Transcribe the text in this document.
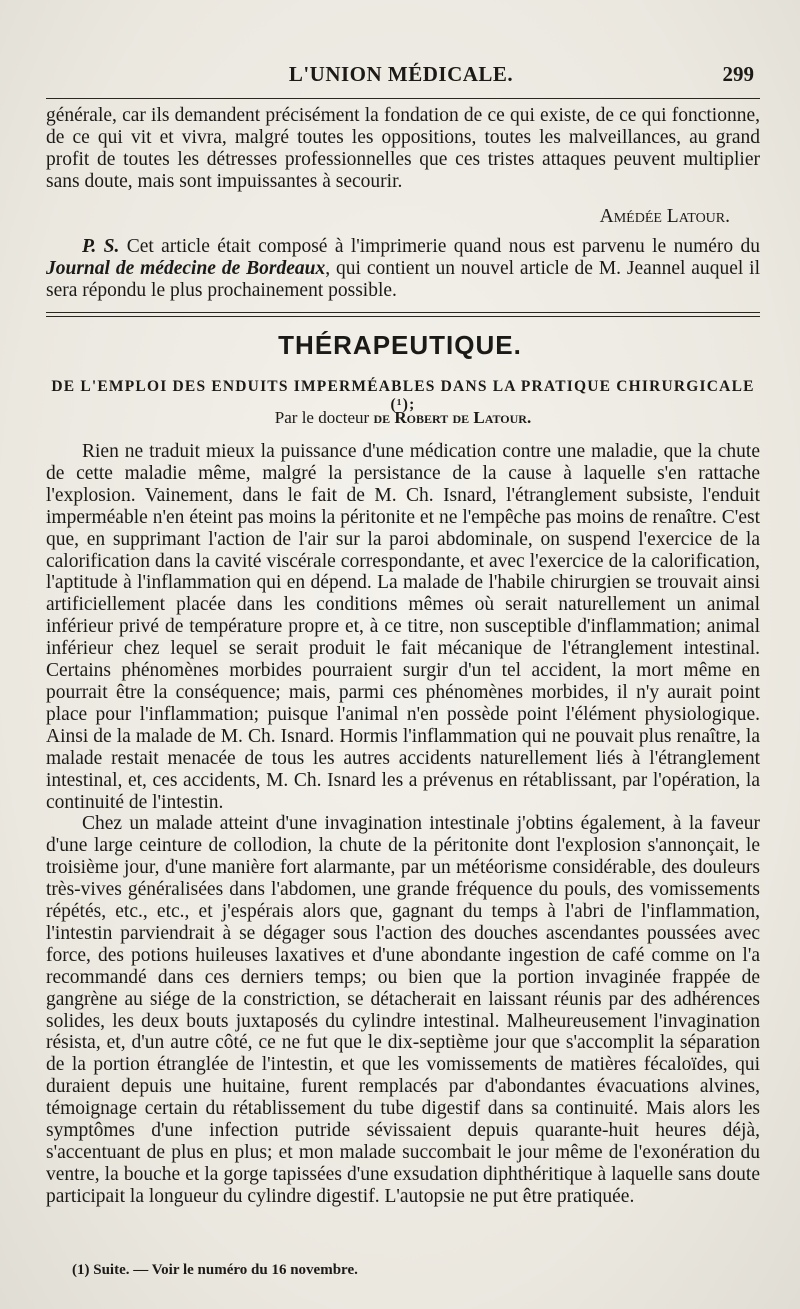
L'UNION MÉDICALE.	299

générale, car ils demandent précisément la fondation de ce qui existe, de ce qui fonctionne, de ce qui vit et vivra, malgré toutes les oppositions, toutes les malveillances, au grand profit de toutes les détresses professionnelles que ces tristes attaques peuvent multiplier sans doute, mais sont impuissantes à secourir.

Amédée Latour.

P. S. Cet article était composé à l'imprimerie quand nous est parvenu le numéro du Journal de médecine de Bordeaux, qui contient un nouvel article de M. Jeannel auquel il sera répondu le plus prochainement possible.

THÉRAPEUTIQUE.
DE L'EMPLOI DES ENDUITS IMPERMÉABLES DANS LA PRATIQUE CHIRURGICALE (¹);
Par le docteur de Robert de Latour.

Rien ne traduit mieux la puissance d'une médication contre une maladie, que la chute de cette maladie même, malgré la persistance de la cause à laquelle s'en rattache l'explosion. Vainement, dans le fait de M. Ch. Isnard, l'étranglement subsiste, l'enduit imperméable n'en éteint pas moins la péritonite et ne l'empêche pas moins de renaître. C'est que, en supprimant l'action de l'air sur la paroi abdominale, on suspend l'exercice de la calorification dans la cavité viscérale correspondante, et avec l'exercice de la calorification, l'aptitude à l'inflammation qui en dépend. La malade de l'habile chirurgien se trouvait ainsi artificiellement placée dans les conditions mêmes où serait naturellement un animal inférieur privé de température propre et, à ce titre, non susceptible d'inflammation; animal inférieur chez lequel se serait produit le fait mécanique de l'étranglement intestinal. Certains phénomènes morbides pourraient surgir d'un tel accident, la mort même en pourrait être la conséquence; mais, parmi ces phénomènes morbides, il n'y aurait point place pour l'inflammation; puisque l'animal n'en possède point l'élément physiologique. Ainsi de la malade de M. Ch. Isnard. Hormis l'inflammation qui ne pouvait plus renaître, la malade restait menacée de tous les autres accidents naturellement liés à l'étranglement intestinal, et, ces accidents, M. Ch. Isnard les a prévenus en rétablissant, par l'opération, la continuité de l'intestin.

Chez un malade atteint d'une invagination intestinale j'obtins également, à la faveur d'une large ceinture de collodion, la chute de la péritonite dont l'explosion s'annonçait, le troisième jour, d'une manière fort alarmante, par un météorisme considérable, des douleurs très-vives généralisées dans l'abdomen, une grande fréquence du pouls, des vomissements répétés, etc., etc., et j'espérais alors que, gagnant du temps à l'abri de l'inflammation, l'intestin parviendrait à se dégager sous l'action des douches ascendantes poussées avec force, des potions huileuses laxatives et d'une abondante ingestion de café comme on l'a recommandé dans ces derniers temps; ou bien que la portion invaginée frappée de gangrène au siége de la constriction, se détacherait en laissant réunis par des adhérences solides, les deux bouts juxtaposés du cylindre intestinal. Malheureusement l'invagination résista, et, d'un autre côté, ce ne fut que le dix-septième jour que s'accomplit la séparation de la portion étranglée de l'intestin, et que les vomissements de matières fécaloïdes, qui duraient depuis une huitaine, furent remplacés par d'abondantes évacuations alvines, témoignage certain du rétablissement du tube digestif dans sa continuité. Mais alors les symptômes d'une infection putride sévissaient depuis quarante-huit heures déjà, s'accentuant de plus en plus; et mon malade succombait le jour même de l'exonération du ventre, la bouche et la gorge tapissées d'une exsudation diphthéritique à laquelle sans doute participait la longueur du cylindre digestif. L'autopsie ne put être pratiquée.

(1) Suite. — Voir le numéro du 16 novembre.
